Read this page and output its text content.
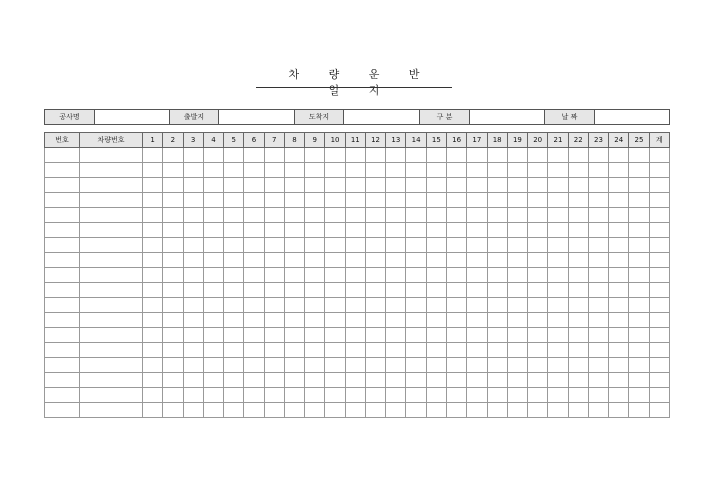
차 량 운 반 일 지
공사명		출발지		도착지		구 분		날 짜	
번호	차량번호	1	2	3	4	5	6	7	8	9	10	11	12	13	14	15	16	17	18	19	20	21	22	23	24	25	계
